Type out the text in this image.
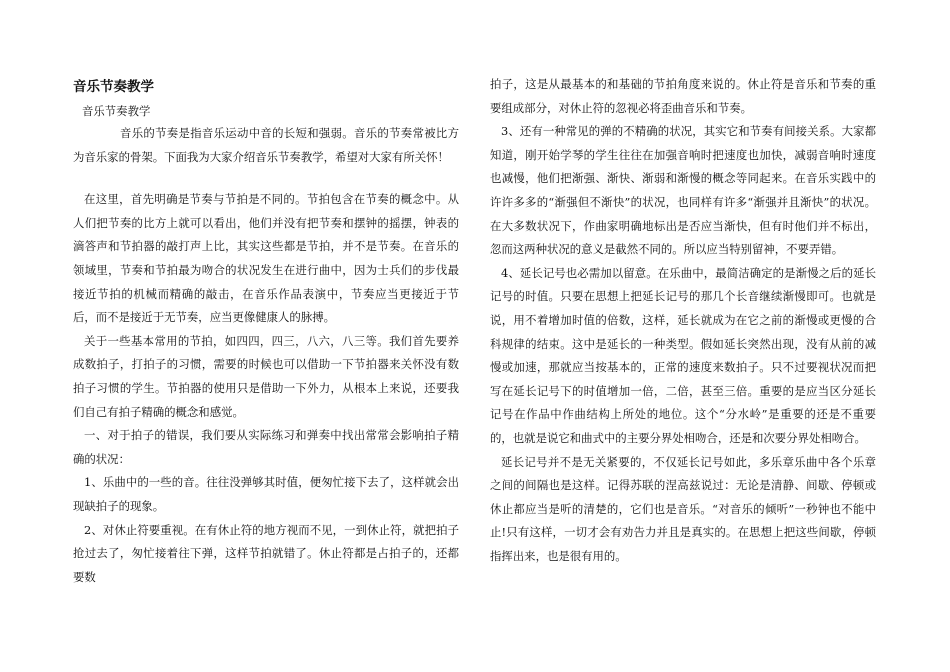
音乐节奏教学

音乐节奏教学

音乐的节奏是指音乐运动中音的长短和强弱。音乐的节奏常被比方为音乐家的骨架。下面我为大家介绍音乐节奏教学，希望对大家有所关怀！

在这里，首先明确是节奏与节拍是不同的。节拍包含在节奏的概念中。从人们把节奏的比方上就可以看出，他们并没有把节奏和摆钟的摇摆，钟表的滴答声和节拍器的敲打声上比，其实这些都是节拍，并不是节奏。在音乐的领域里，节奏和节拍最为吻合的状况发生在进行曲中，因为士兵们的步伐最接近节拍的机械而精确的敲击，在音乐作品表演中，节奏应当更接近于节后，而不是接近于无节奏，应当更像健康人的脉搏。

关于一些基本常用的节拍，如四四，四三，八六，八三等。我们首先要养成数拍子，打拍子的习惯，需要的时候也可以借助一下节拍器来关怀没有数拍子习惯的学生。节拍器的使用只是借助一下外力，从根本上来说，还要我们自己有拍子精确的概念和感觉。

一、对于拍子的错误，我们要从实际练习和弹奏中找出常常会影响拍子精确的状况：

1、乐曲中的一些的音。往往没弹够其时值，便匆忙接下去了，这样就会出现缺拍子的现象。

2、对休止符要重视。在有休止符的地方视而不见，一到休止符，就把拍子抢过去了，匆忙接着往下弹，这样节拍就错了。休止符都是占拍子的，还都要数

拍子，这是从最基本的和基础的节拍角度来说的。休止符是音乐和节奏的重要组成部分，对休止符的忽视必将歪曲音乐和节奏。

3、还有一种常见的弹的不精确的状况，其实它和节奏有间接关系。大家都知道，刚开始学琴的学生往往在加强音响时把速度也加快，减弱音响时速度也减慢，他们把渐强、渐快、渐弱和渐慢的概念等同起来。在音乐实践中的许许多多的“渐强但不渐快”的状况，也同样有许多“渐强并且渐快”的状况。在大多数状况下，作曲家明确地标出是否应当渐快，但有时他们并不标出，忽而这两种状况的意义是截然不同的。所以应当特别留神，不要弄错。

4、延长记号也必需加以留意。在乐曲中，最简洁确定的是渐慢之后的延长记号的时值。只要在思想上把延长记号的那几个长音继续渐慢即可。也就是说，用不着增加时值的倍数，这样，延长就成为在它之前的渐慢或更慢的合科规律的结束。这中是延长的一种类型。假如延长突然出现，没有从前的减慢或加速，那就应当按基本的，正常的速度来数拍子。只不过要视状况而把写在延长记号下的时值增加一倍，二倍，甚至三倍。重要的是应当区分延长记号在作品中作曲结构上所处的地位。这个“分水岭”是重要的还是不重要的，也就是说它和曲式中的主要分界处相吻合，还是和次要分界处相吻合。

延长记号并不是无关紧要的，不仅延长记号如此，多乐章乐曲中各个乐章之间的间隔也是这样。记得苏联的涅高兹说过：无论是清静、间歇、停顿或休止都应当是听的清楚的，它们也是音乐。“对音乐的倾听”一秒钟也不能中止!只有这样，一切才会有劝告力并且是真实的。在思想上把这些间歇，停顿指挥出来，也是很有用的。
